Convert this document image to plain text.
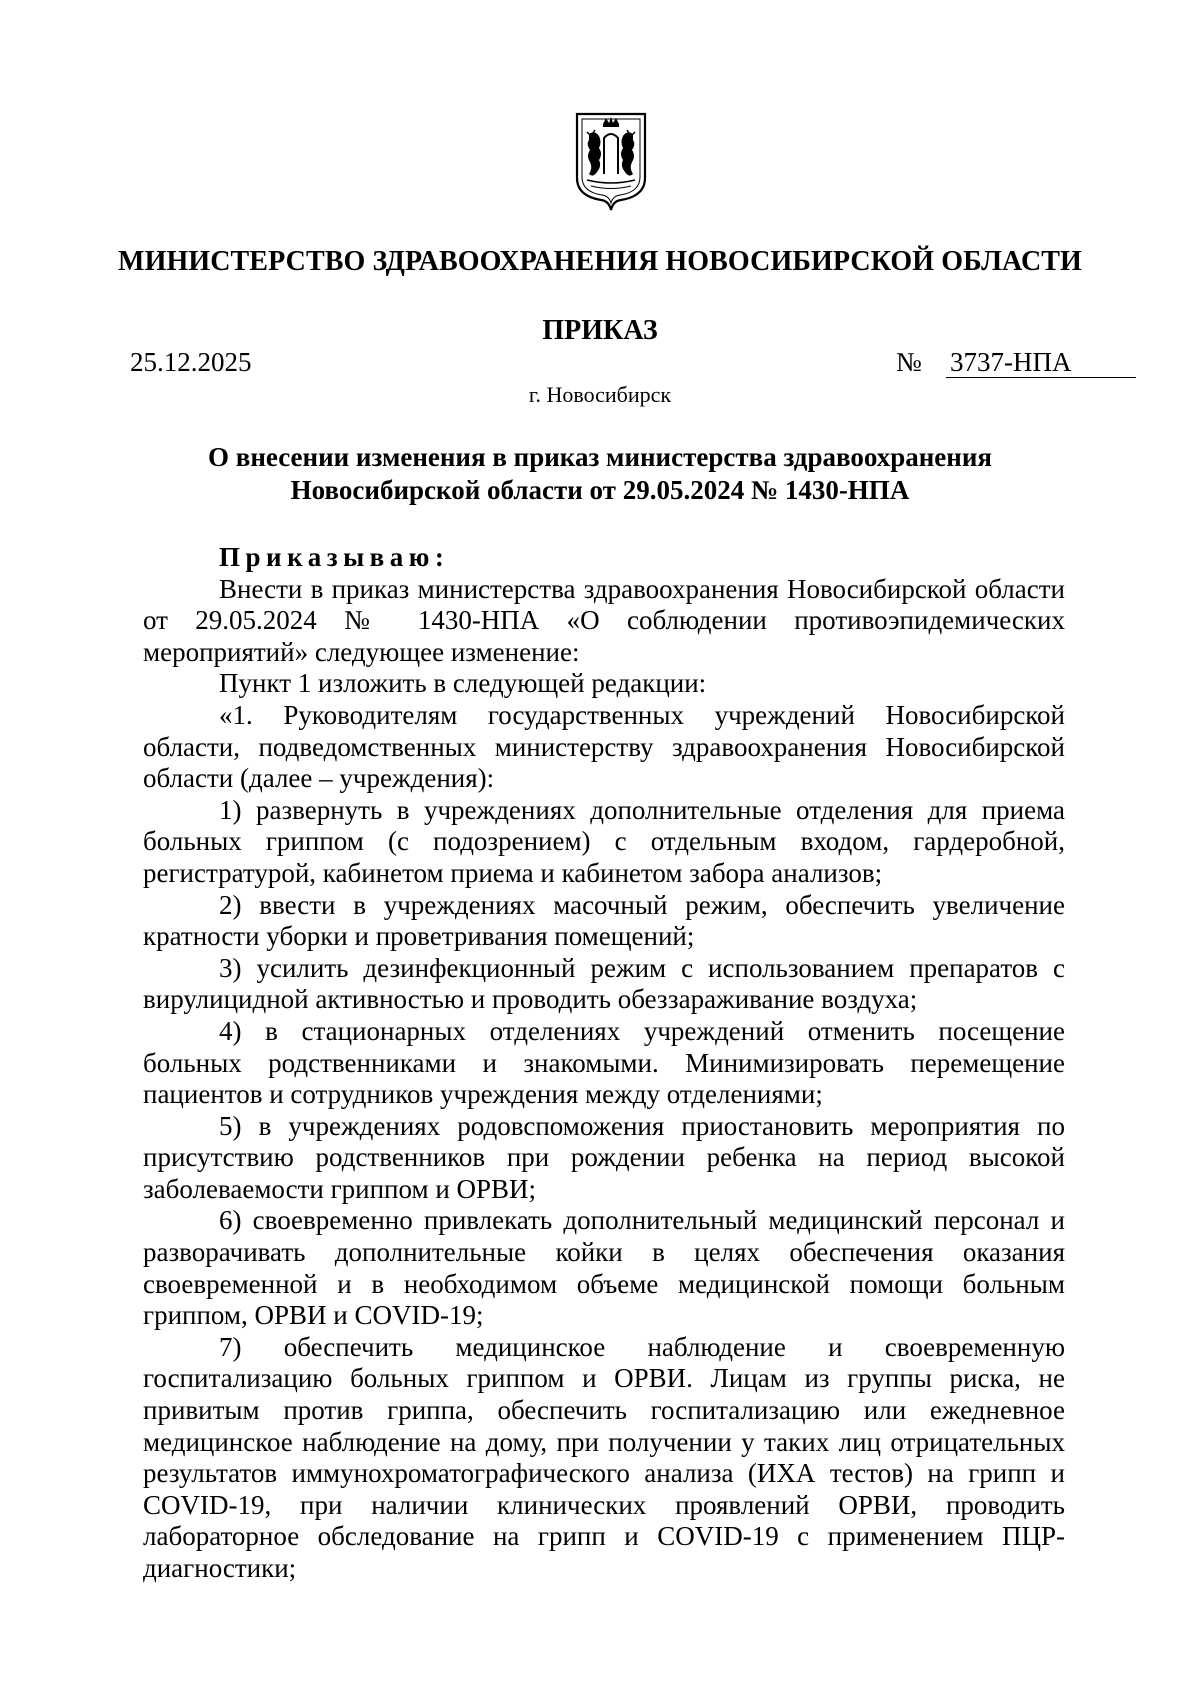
МИНИСТЕРСТВО ЗДРАВООХРАНЕНИЯ НОВОСИБИРСКОЙ ОБЛАСТИ
ПРИКАЗ
25.12.2025	№ 3737-НПА
г. Новосибирск
О внесении изменения в приказ министерства здравоохранения
Новосибирской области от 29.05.2024 № 1430-НПА

Приказываю:

Внести в приказ министерства здравоохранения Новосибирской области от 29.05.2024 № 1430-НПА «О соблюдении противоэпидемических мероприятий» следующее изменение:

Пункт 1 изложить в следующей редакции:

«1. Руководителям государственных учреждений Новосибирской области, подведомственных министерству здравоохранения Новосибирской области (далее – учреждения):

1) развернуть в учреждениях дополнительные отделения для приема больных гриппом (с подозрением) с отдельным входом, гардеробной, регистратурой, кабинетом приема и кабинетом забора анализов;

2) ввести в учреждениях масочный режим, обеспечить увеличение кратности уборки и проветривания помещений;

3) усилить дезинфекционный режим с использованием препаратов с вирулицидной активностью и проводить обеззараживание воздуха;

4) в стационарных отделениях учреждений отменить посещение больных родственниками и знакомыми. Минимизировать перемещение пациентов и сотрудников учреждения между отделениями;

5) в учреждениях родовспоможения приостановить мероприятия по присутствию родственников при рождении ребенка на период высокой заболеваемости гриппом и ОРВИ;

6) своевременно привлекать дополнительный медицинский персонал и разворачивать дополнительные койки в целях обеспечения оказания своевременной и в необходимом объеме медицинской помощи больным гриппом, ОРВИ и COVID-19;

7) обеспечить медицинское наблюдение и своевременную госпитализацию больных гриппом и ОРВИ. Лицам из группы риска, не привитым против гриппа, обеспечить госпитализацию или ежедневное медицинское наблюдение на дому, при получении у таких лиц отрицательных результатов иммунохроматографического анализа (ИХА тестов) на грипп и COVID-19, при наличии клинических проявлений ОРВИ, проводить лабораторное обследование на грипп и COVID-19 с применением ПЦР-диагностики;
